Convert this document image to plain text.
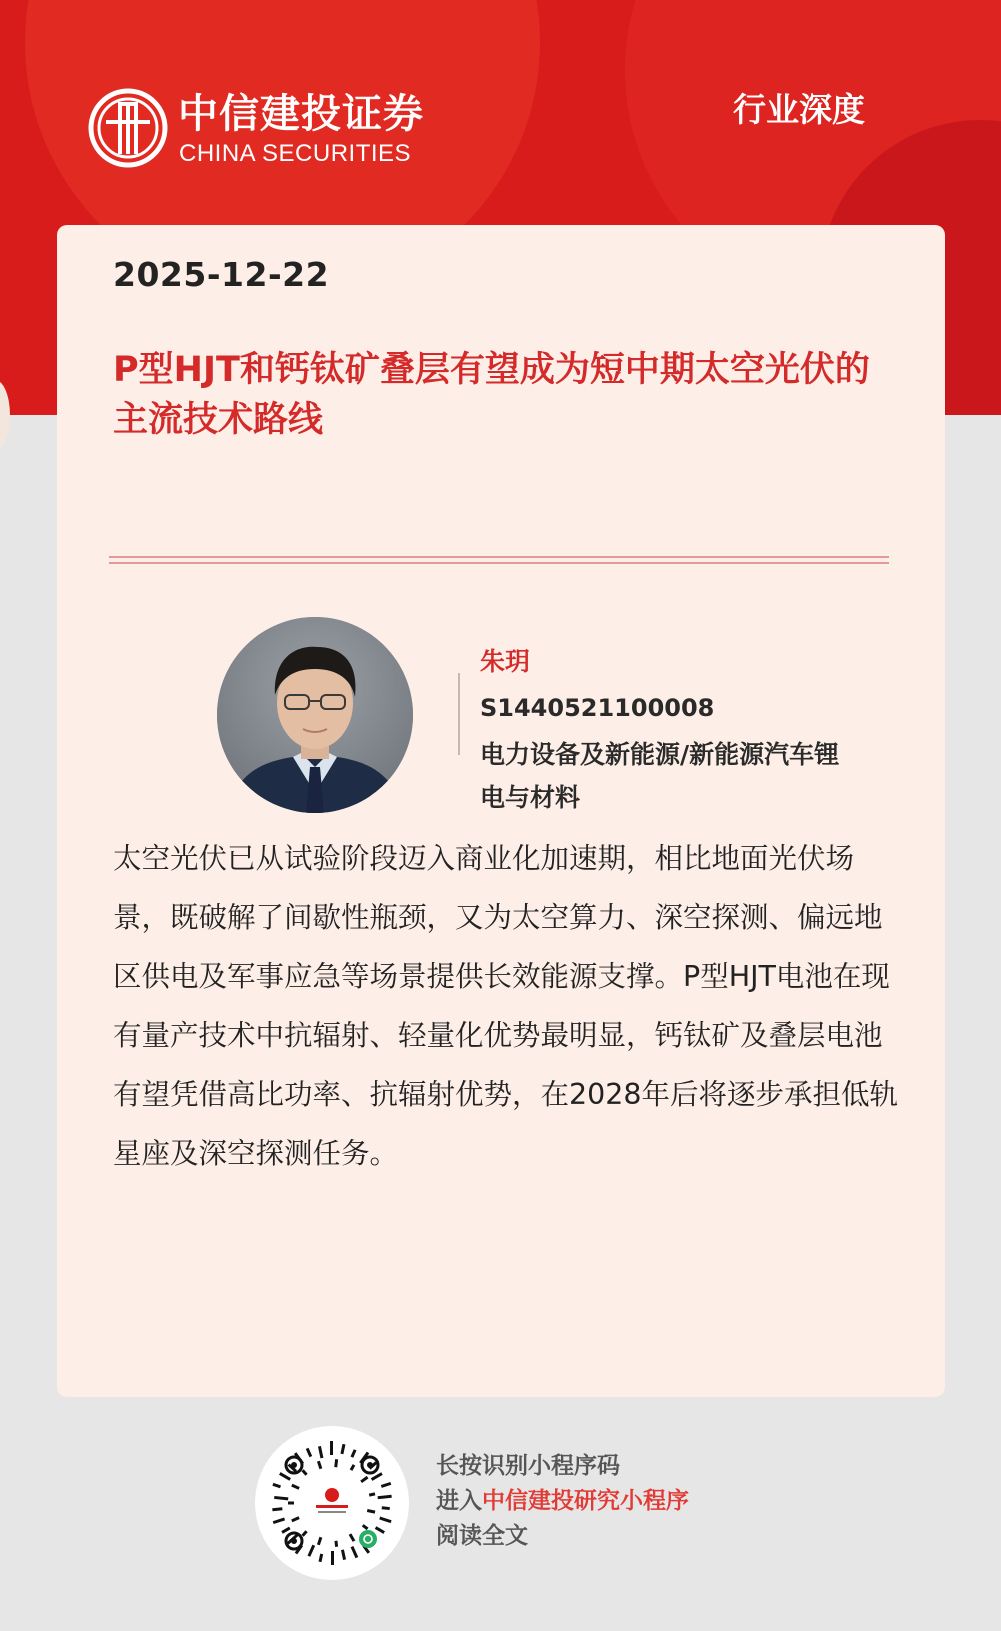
中信建投证券
CHINA SECURITIES
行业深度
2025-12-22
P型HJT和钙钛矿叠层有望成为短中期太空光伏的主流技术路线
朱玥
S1440521100008
电力设备及新能源/新能源汽车锂电与材料
太空光伏已从试验阶段迈入商业化加速期，相比地面光伏场景，既破解了间歇性瓶颈，又为太空算力、深空探测、偏远地区供电及军事应急等场景提供长效能源支撑。P型HJT电池在现有量产技术中抗辐射、轻量化优势最明显，钙钛矿及叠层电池有望凭借高比功率、抗辐射优势，在2028年后将逐步承担低轨星座及深空探测任务。
长按识别小程序码
进入中信建投研究小程序
阅读全文
